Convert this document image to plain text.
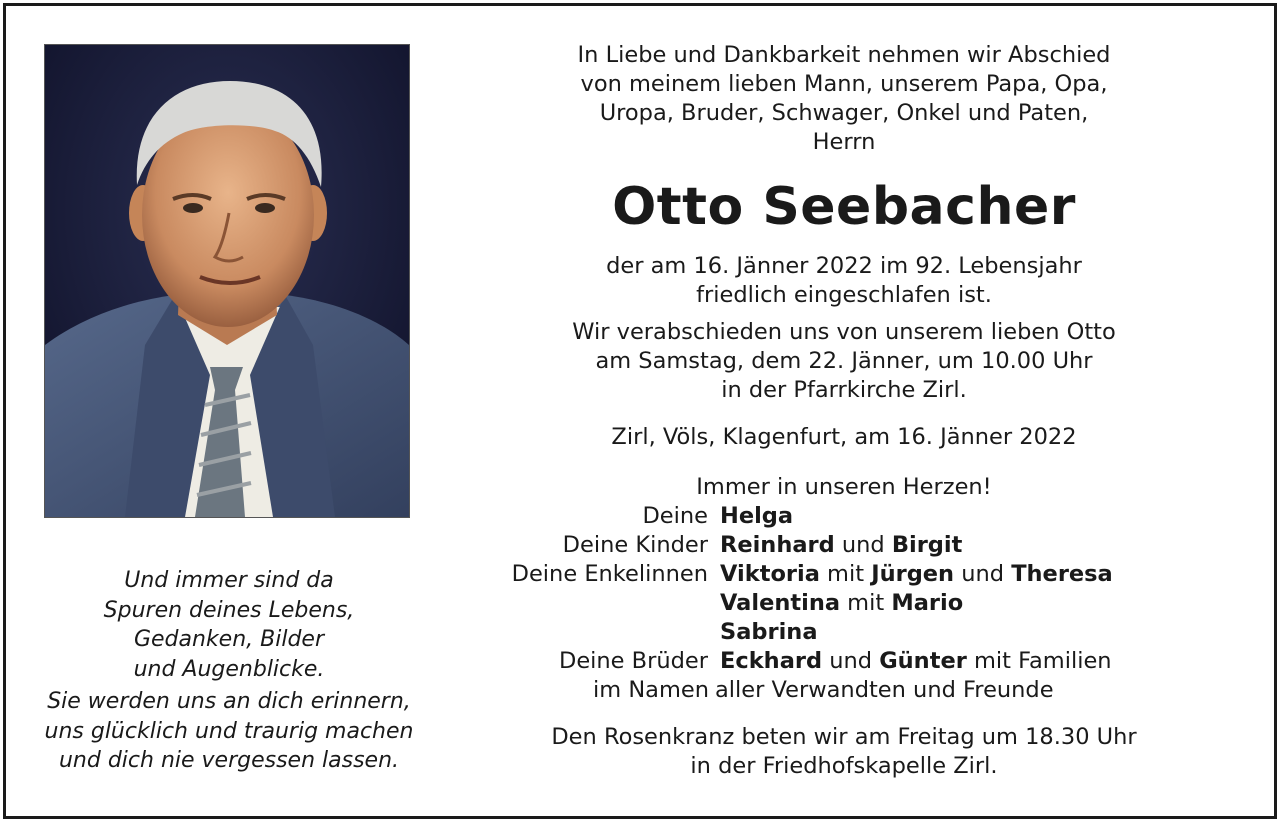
Und immer sind da
Spuren deines Lebens,
Gedanken, Bilder
und Augenblicke.
Sie werden uns an dich erinnern,
uns glücklich und traurig machen
und dich nie vergessen lassen.
In Liebe und Dankbarkeit nehmen wir Abschied
von meinem lieben Mann, unserem Papa, Opa,
Uropa, Bruder, Schwager, Onkel und Paten,
Herrn
Otto Seebacher
der am 16. Jänner 2022 im 92. Lebensjahr
friedlich eingeschlafen ist.
Wir verabschieden uns von unserem lieben Otto
am Samstag, dem 22. Jänner, um 10.00 Uhr
in der Pfarrkirche Zirl.
Zirl, Völs, Klagenfurt, am 16. Jänner 2022
Immer in unseren Herzen!
Deine Helga
Deine Kinder Reinhard und Birgit
Deine Enkelinnen Viktoria mit Jürgen und Theresa
Valentina mit Mario
Sabrina
Deine Brüder Eckhard und Günter mit Familien
im Namen aller Verwandten und Freunde
Den Rosenkranz beten wir am Freitag um 18.30 Uhr
in der Friedhofskapelle Zirl.
